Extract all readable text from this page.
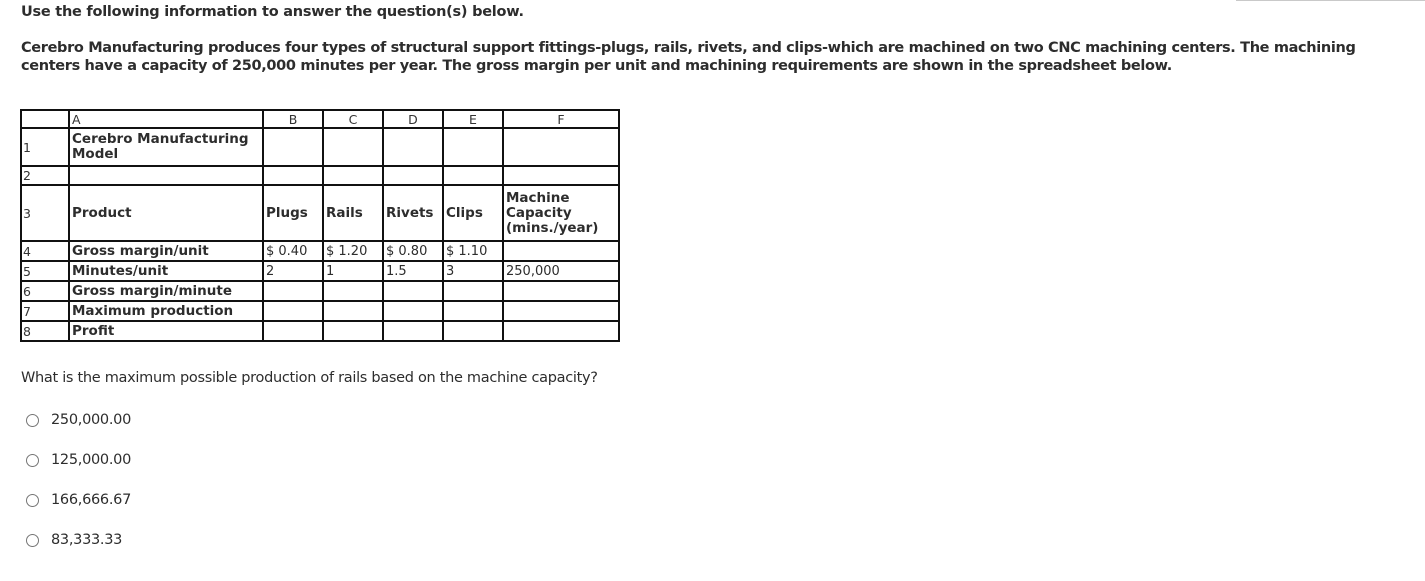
Use the following information to answer the question(s) below.

Cerebro Manufacturing produces four types of structural support fittings-plugs, rails, rivets, and clips-which are machined on two CNC machining centers. The machining centers have a capacity of 250,000 minutes per year. The gross margin per unit and machining requirements are shown in the spreadsheet below.

	A	B	C	D	E	F
1	Cerebro Manufacturing Model					
2						
3	Product	Plugs	Rails	Rivets	Clips	Machine Capacity (mins./year)
4	Gross margin/unit	$ 0.40	$ 1.20	$ 0.80	$ 1.10	
5	Minutes/unit	2	1	1.5	3	250,000
6	Gross margin/minute					
7	Maximum production					
8	Profit					

What is the maximum possible production of rails based on the machine capacity?

250,000.00
125,000.00
166,666.67
83,333.33
